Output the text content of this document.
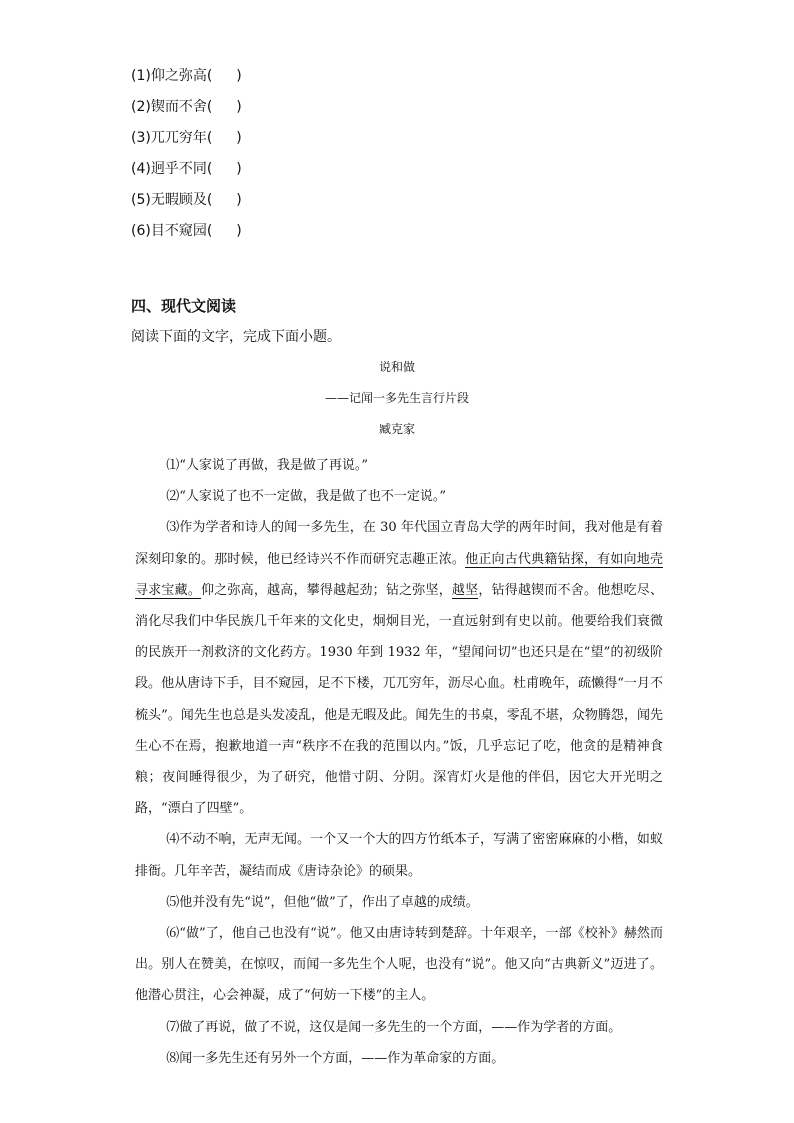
(1)仰之弥高( )
(2)锲而不舍( )
(3)兀兀穷年( )
(4)迥乎不同( )
(5)无暇顾及( )
(6)目不窥园( )
四、现代文阅读
阅读下面的文字，完成下面小题。
说和做
——记闻一多先生言行片段
臧克家

⑴“人家说了再做，我是做了再说。”

⑵“人家说了也不一定做，我是做了也不一定说。”

⑶作为学者和诗人的闻一多先生，在 30 年代国立青岛大学的两年时间，我对他是有着深刻印象的。那时候，他已经诗兴不作而研究志趣正浓。他正向古代典籍钻探，有如向地壳寻求宝藏。仰之弥高，越高，攀得越起劲；钻之弥坚，越坚，钻得越锲而不舍。他想吃尽、消化尽我们中华民族几千年来的文化史，炯炯目光，一直远射到有史以前。他要给我们衰微的民族开一剂救济的文化药方。1930 年到 1932 年，“望闻问切”也还只是在“望”的初级阶段。他从唐诗下手，目不窥园，足不下楼，兀兀穷年，沥尽心血。杜甫晚年，疏懒得“一月不梳头”。闻先生也总是头发凌乱，他是无暇及此。闻先生的书桌，零乱不堪，众物腾怨，闻先生心不在焉，抱歉地道一声“秩序不在我的范围以内。”饭，几乎忘记了吃，他贪的是精神食粮；夜间睡得很少，为了研究，他惜寸阴、分阴。深宵灯火是他的伴侣，因它大开光明之路，“漂白了四壁”。

⑷不动不响，无声无闻。一个又一个大的四方竹纸本子，写满了密密麻麻的小楷，如蚁排衙。几年辛苦，凝结而成《唐诗杂论》的硕果。

⑸他并没有先“说”，但他“做”了，作出了卓越的成绩。

⑹“做”了，他自己也没有“说”。他又由唐诗转到楚辞。十年艰辛，一部《校补》赫然而出。别人在赞美，在惊叹，而闻一多先生个人呢，也没有“说”。他又向“古典新义”迈进了。他潜心贯注，心会神凝，成了“何妨一下楼”的主人。

⑺做了再说，做了不说，这仅是闻一多先生的一个方面，——作为学者的方面。

⑻闻一多先生还有另外一个方面，——作为革命家的方面。
